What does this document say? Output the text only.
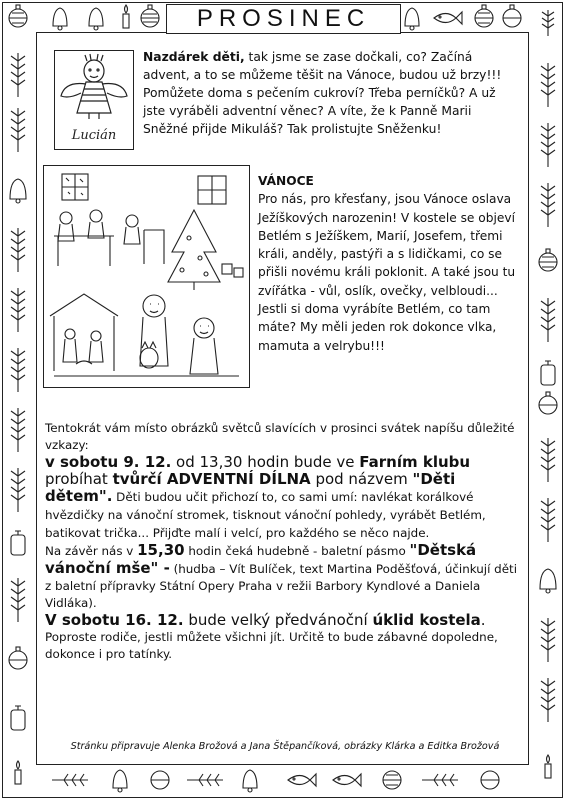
PROSINEC
Lucián
Nazdárek děti, tak jsme se zase dočkali, co? Začíná advent, a to se můžeme těšit na Vánoce, budou už brzy!!! Pomůžete doma s pečením cukroví? Třeba perníčků? A už jste vyráběli adventní věnec? A víte, že k Panně Marii Sněžné přijde Mikuláš? Tak prolistujte Sněženku!
VÁNOCE
Pro nás, pro křesťany, jsou Vánoce oslava Ježíškových narozenin! V kostele se objeví Betlém s Ježíškem, Marií, Josefem, třemi králi, anděly, pastýři a s lidičkami, co se přišli novému králi poklonit. A také jsou tu zvířátka - vůl, oslík, ovečky, velbloudi... Jestli si doma vyrábíte Betlém, co tam máte? My měli jeden rok dokonce vlka, mamuta a velrybu!!!

Tentokrát vám místo obrázků světců slavících v prosinci svátek napíšu důležité vzkazy:

v sobotu 9. 12. od 13,30 hodin bude ve Farním klubu probíhat tvůrčí ADVENTNÍ DÍLNA pod názvem "Děti dětem". Děti budou učit přichozí to, co sami umí: navlékat korálkové hvězdičky na vánoční stromek, tisknout vánoční pohledy, vyrábět Betlém, batikovat trička... Přijďte malí i velcí, pro každého se něco najde.

Na závěr nás v 15,30 hodin čeká hudebně - baletní pásmo "Dětská vánoční mše" - (hudba – Vít Bulíček, text Martina Poděšťová, účinkují děti z baletní přípravky Státní Opery Praha v režii Barbory Kyndlové a Daniela Vidláka).

V sobotu 16. 12. bude velký předvánoční úklid kostela.

Poproste rodiče, jestli můžete všichni jít. Určitě to bude zábavné dopoledne, dokonce i pro tatínky.

Stránku připravuje Alenka Brožová a Jana Štěpančíková, obrázky Klárka a Editka Brožová
